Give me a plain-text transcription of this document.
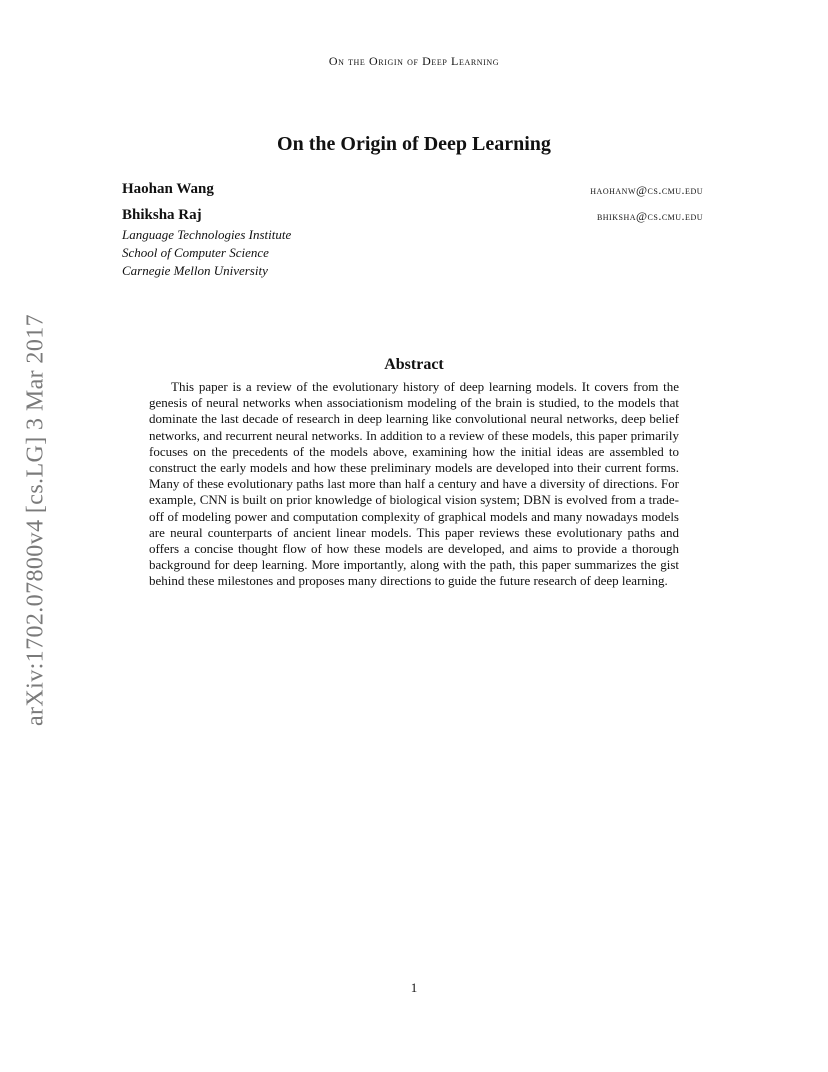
On the Origin of Deep Learning
On the Origin of Deep Learning
Haohan Wang	haohanw@cs.cmu.edu
Bhiksha Raj	bhiksha@cs.cmu.edu
Language Technologies Institute
School of Computer Science
Carnegie Mellon University
Abstract

This paper is a review of the evolutionary history of deep learning models. It covers from the genesis of neural networks when associationism modeling of the brain is studied, to the models that dominate the last decade of research in deep learning like convolutional neural networks, deep belief networks, and recurrent neural networks. In addition to a review of these models, this paper primarily focuses on the precedents of the models above, examining how the initial ideas are assembled to construct the early models and how these preliminary models are developed into their current forms. Many of these evolutionary paths last more than half a century and have a diversity of directions. For example, CNN is built on prior knowledge of biological vision system; DBN is evolved from a trade-off of modeling power and computation complexity of graphical models and many nowadays models are neural counterparts of ancient linear models. This paper reviews these evolutionary paths and offers a concise thought flow of how these models are developed, and aims to provide a thorough background for deep learning. More importantly, along with the path, this paper summarizes the gist behind these milestones and proposes many directions to guide the future research of deep learning.

arXiv:1702.07800v4 [cs.LG] 3 Mar 2017
1
